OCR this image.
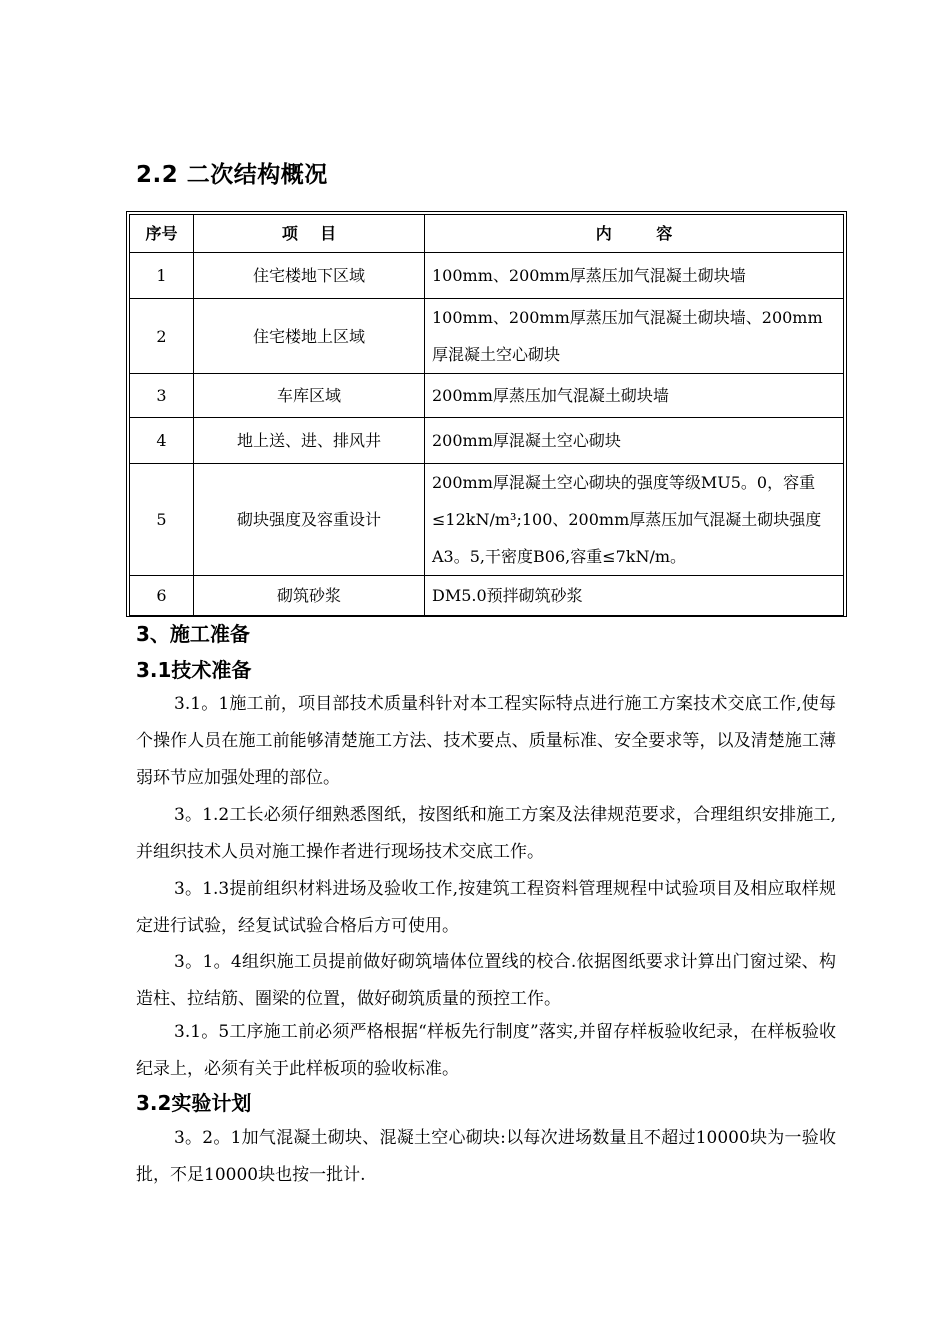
2.2 二次结构概况
序号	项    目	内        容
1	住宅楼地下区域	100mm、200mm厚蒸压加气混凝土砌块墙
2	住宅楼地上区域	100mm、200mm厚蒸压加气混凝土砌块墙、200mm厚混凝土空心砌块
3	车库区域	200mm厚蒸压加气混凝土砌块墙
4	地上送、进、排风井	200mm厚混凝土空心砌块
5	砌块强度及容重设计	200mm厚混凝土空心砌块的强度等级MU5。0，容重≤12kN/m³;100、200mm厚蒸压加气混凝土砌块强度A3。5,干密度B06,容重≤7kN/m。
6	砌筑砂浆	DM5.0预拌砌筑砂浆
3、施工准备
3.1技术准备

3.1。1施工前，项目部技术质量科针对本工程实际特点进行施工方案技术交底工作,使每个操作人员在施工前能够清楚施工方法、技术要点、质量标准、安全要求等，以及清楚施工薄弱环节应加强处理的部位。

3。1.2工长必须仔细熟悉图纸，按图纸和施工方案及法律规范要求，合理组织安排施工,并组织技术人员对施工操作者进行现场技术交底工作。

3。1.3提前组织材料进场及验收工作,按建筑工程资料管理规程中试验项目及相应取样规定进行试验，经复试试验合格后方可使用。

3。1。4组织施工员提前做好砌筑墙体位置线的校合.依据图纸要求计算出门窗过梁、构造柱、拉结筋、圈梁的位置，做好砌筑质量的预控工作。

3.1。5工序施工前必须严格根据“样板先行制度”落实,并留存样板验收纪录，在样板验收纪录上，必须有关于此样板项的验收标准。

3.2实验计划

3。2。1加气混凝土砌块、混凝土空心砌块:以每次进场数量且不超过10000块为一验收批，不足10000块也按一批计.
